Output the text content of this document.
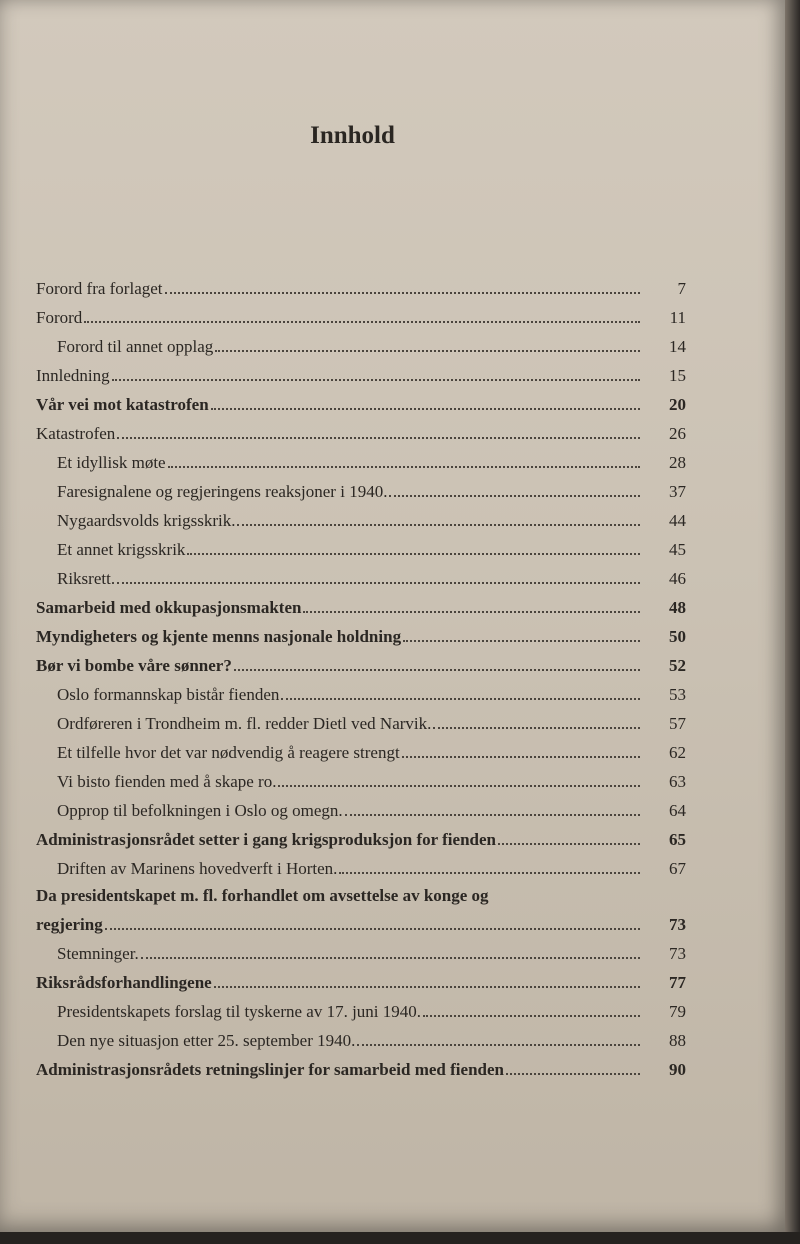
Innhold
Forord fra forlaget	7
Forord	11
Forord til annet opplag	14
Innledning	15
Vår vei mot katastrofen	20
Katastrofen	26
Et idyllisk møte	28
Faresignalene og regjeringens reaksjoner i 1940.	37
Nygaardsvolds krigsskrik.	44
Et annet krigsskrik	45
Riksrett.	46
Samarbeid med okkupasjonsmakten	48
Myndigheters og kjente menns nasjonale holdning	50
Bør vi bombe våre sønner?	52
Oslo formannskap bistår fienden	53
Ordføreren i Trondheim m. fl. redder Dietl ved Narvik.	57
Et tilfelle hvor det var nødvendig å reagere strengt	62
Vi bisto fienden med å skape ro.	63
Opprop til befolkningen i Oslo og omegn.	64
Administrasjonsrådet setter i gang krigsproduksjon for fienden	65
Driften av Marinens hovedverft i Horten.	67
Da presidentskapet m. fl. forhandlet om avsettelse av konge og
regjering	73
Stemninger.	73
Riksrådsforhandlingene	77
Presidentskapets forslag til tyskerne av 17. juni 1940.	79
Den nye situasjon etter 25. september 1940.	88
Administrasjonsrådets retningslinjer for samarbeid med fienden	90
